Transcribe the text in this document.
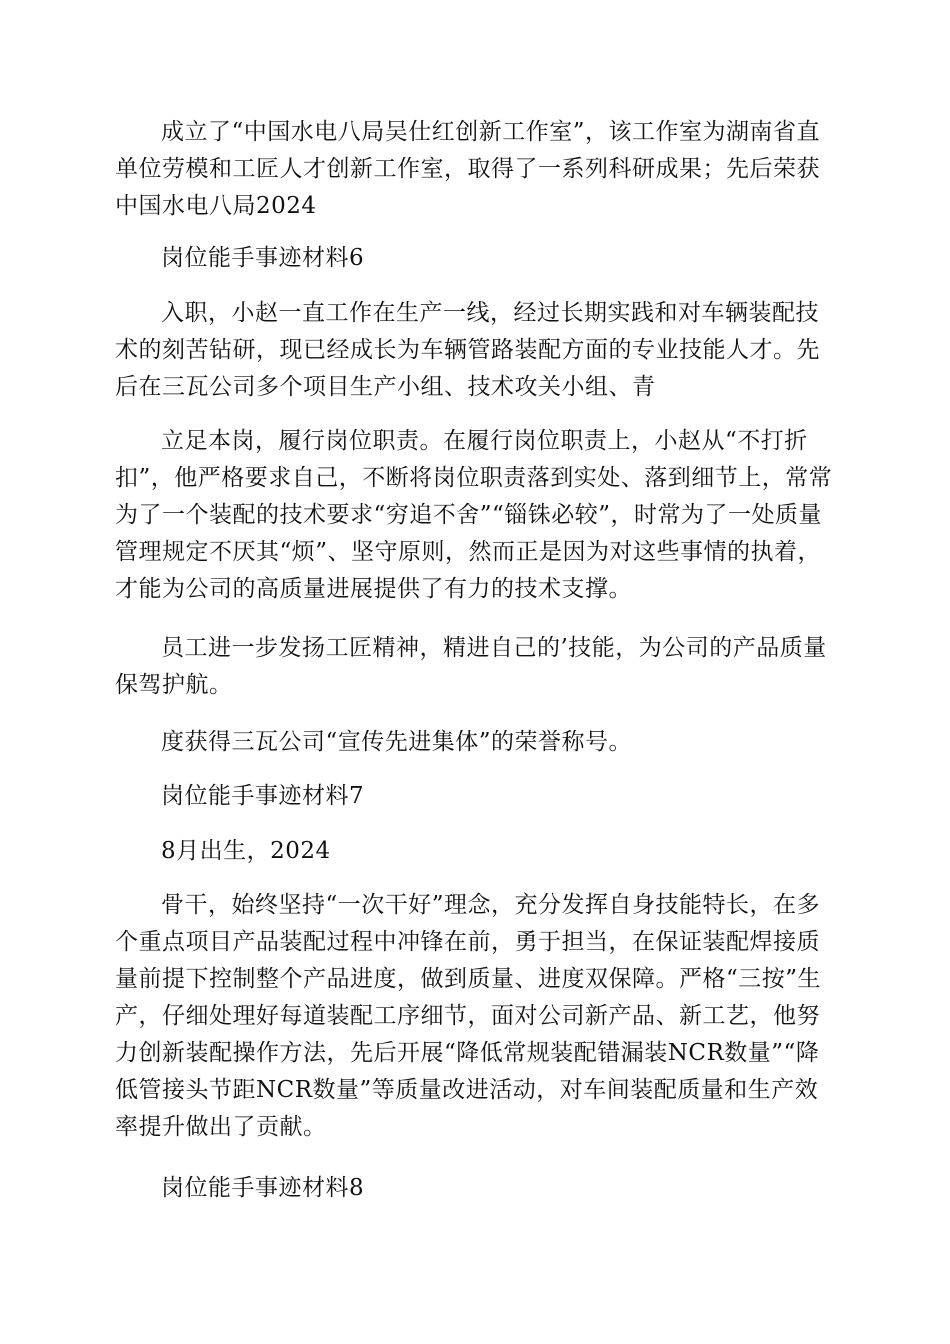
成立了“中国水电八局吴仕红创新工作室”，该工作室为湖南省直单位劳模和工匠人才创新工作室，取得了一系列科研成果；先后荣获中国水电八局2024

岗位能手事迹材料6

入职，小赵一直工作在生产一线，经过长期实践和对车辆装配技术的刻苦钻研，现已经成长为车辆管路装配方面的专业技能人才。先后在三瓦公司多个项目生产小组、技术攻关小组、青

立足本岗，履行岗位职责。在履行岗位职责上，小赵从“不打折扣”，他严格要求自己，不断将岗位职责落到实处、落到细节上，常常为了一个装配的技术要求“穷追不舍”“锱铢必较”，时常为了一处质量管理规定不厌其“烦”、坚守原则，然而正是因为对这些事情的执着，才能为公司的高质量进展提供了有力的技术支撑。

员工进一步发扬工匠精神，精进自己的’技能，为公司的产品质量保驾护航。

度获得三瓦公司“宣传先进集体”的荣誉称号。

岗位能手事迹材料7

8月出生，2024

骨干，始终坚持“一次干好”理念，充分发挥自身技能特长，在多个重点项目产品装配过程中冲锋在前，勇于担当，在保证装配焊接质量前提下控制整个产品进度，做到质量、进度双保障。严格“三按”生产，仔细处理好每道装配工序细节，面对公司新产品、新工艺，他努力创新装配操作方法，先后开展“降低常规装配错漏装NCR数量”“降低管接头节距NCR数量”等质量改进活动，对车间装配质量和生产效率提升做出了贡献。

岗位能手事迹材料8
